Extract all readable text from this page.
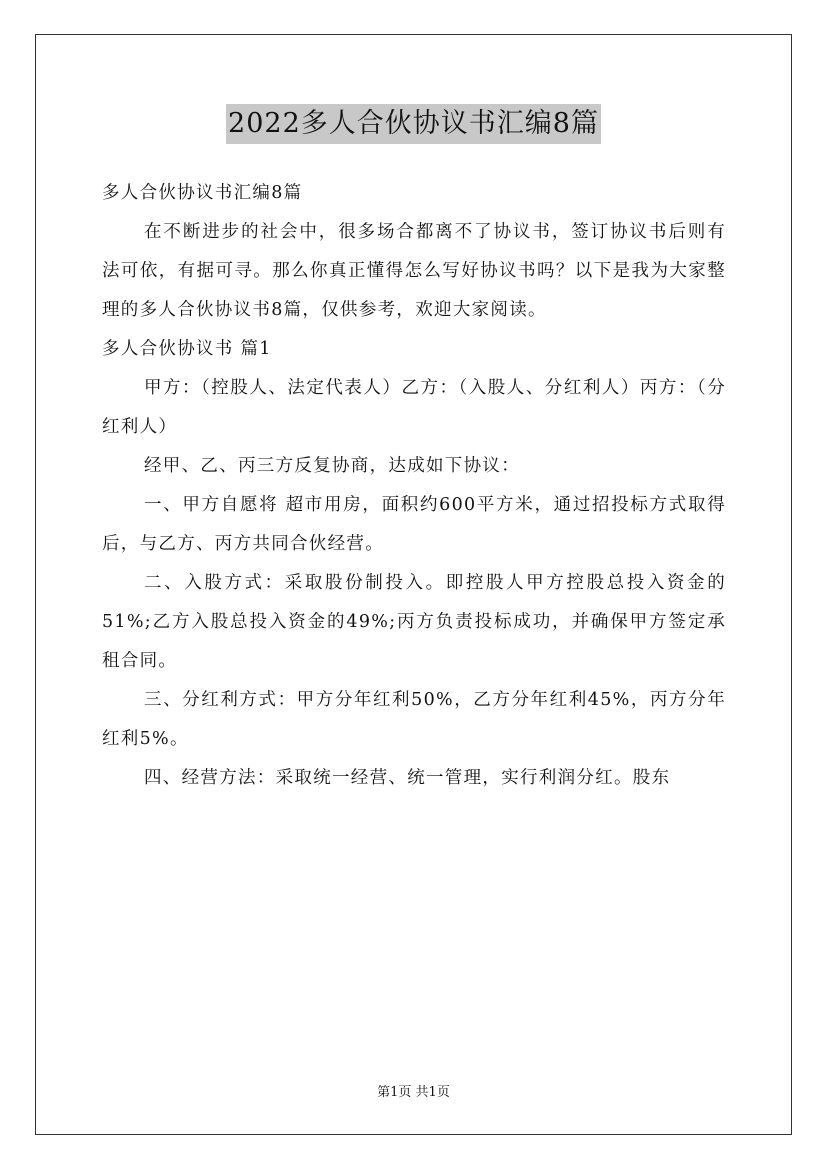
2022多人合伙协议书汇编8篇

多人合伙协议书汇编8篇

在不断进步的社会中，很多场合都离不了协议书，签订协议书后则有法可依，有据可寻。那么你真正懂得怎么写好协议书吗？以下是我为大家整理的多人合伙协议书8篇，仅供参考，欢迎大家阅读。

多人合伙协议书 篇1

甲方：（控股人、法定代表人）乙方：（入股人、分红利人）丙方：（分红利人）

经甲、乙、丙三方反复协商，达成如下协议：

一、甲方自愿将 超市用房，面积约600平方米，通过招投标方式取得后，与乙方、丙方共同合伙经营。

二、入股方式：采取股份制投入。即控股人甲方控股总投入资金的51%;乙方入股总投入资金的49%;丙方负责投标成功，并确保甲方签定承租合同。

三、分红利方式：甲方分年红利50%，乙方分年红利45%，丙方分年红利5%。

四、经营方法：采取统一经营、统一管理，实行利润分红。股东

第1页 共1页
